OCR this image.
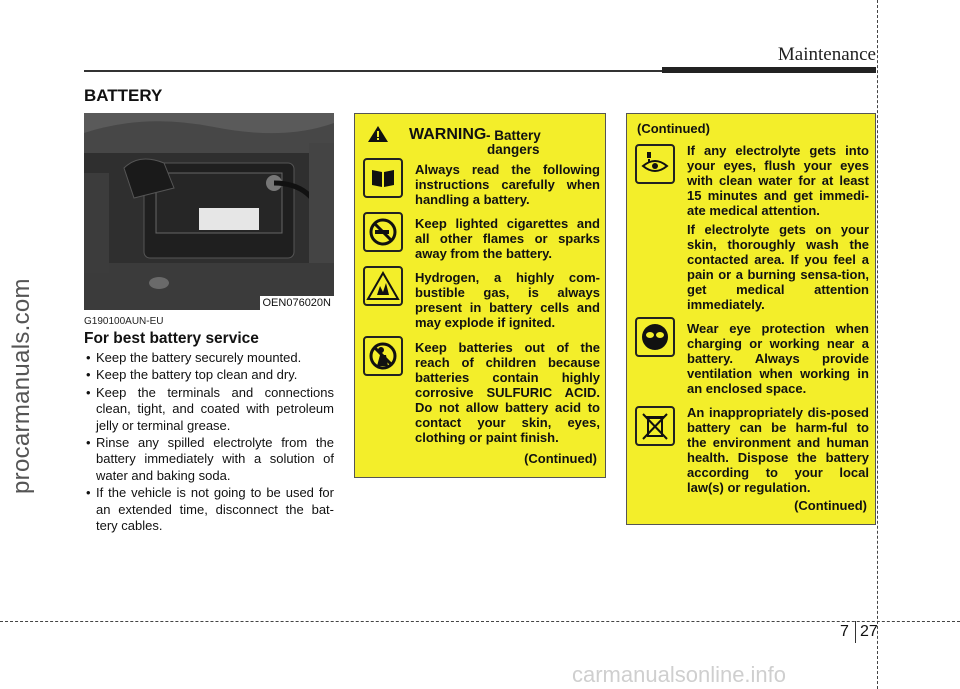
Maintenance
BATTERY
OEN076020N
G190100AUN-EU
For best battery service
• Keep the battery securely mounted.
• Keep the battery top clean and dry.
• Keep the terminals and connections clean, tight, and coated with petroleum jelly or terminal grease.
• Rinse any spilled electrolyte from the battery immediately with a solution of water and baking soda.
• If the vehicle is not going to be used for an extended time, disconnect the bat-tery cables.
WARNING - Battery
dangers
Always read the following instructions carefully when handling a battery.
Keep lighted cigarettes and all other flames or sparks away from the battery.
Hydrogen, a highly com-bustible gas, is always present in battery cells and may explode if ignited.
Keep batteries out of the reach of children because batteries contain highly corrosive SULFURIC ACID. Do not allow battery acid to contact your skin, eyes, clothing or paint finish.
(Continued)
(Continued)
If any electrolyte gets into your eyes, flush your eyes with clean water for at least 15 minutes and get immedi-ate medical attention.
If electrolyte gets on your skin, thoroughly wash the contacted area. If you feel a pain or a burning sensa-tion, get medical attention immediately.
Wear eye protection when charging or working near a battery. Always provide ventilation when working in an enclosed space.
An inappropriately dis-posed battery can be harm-ful to the environment and human health. Dispose the battery according to your local law(s) or regulation.
(Continued)
7 27
procarmanuals.com
carmanualsonline.info
